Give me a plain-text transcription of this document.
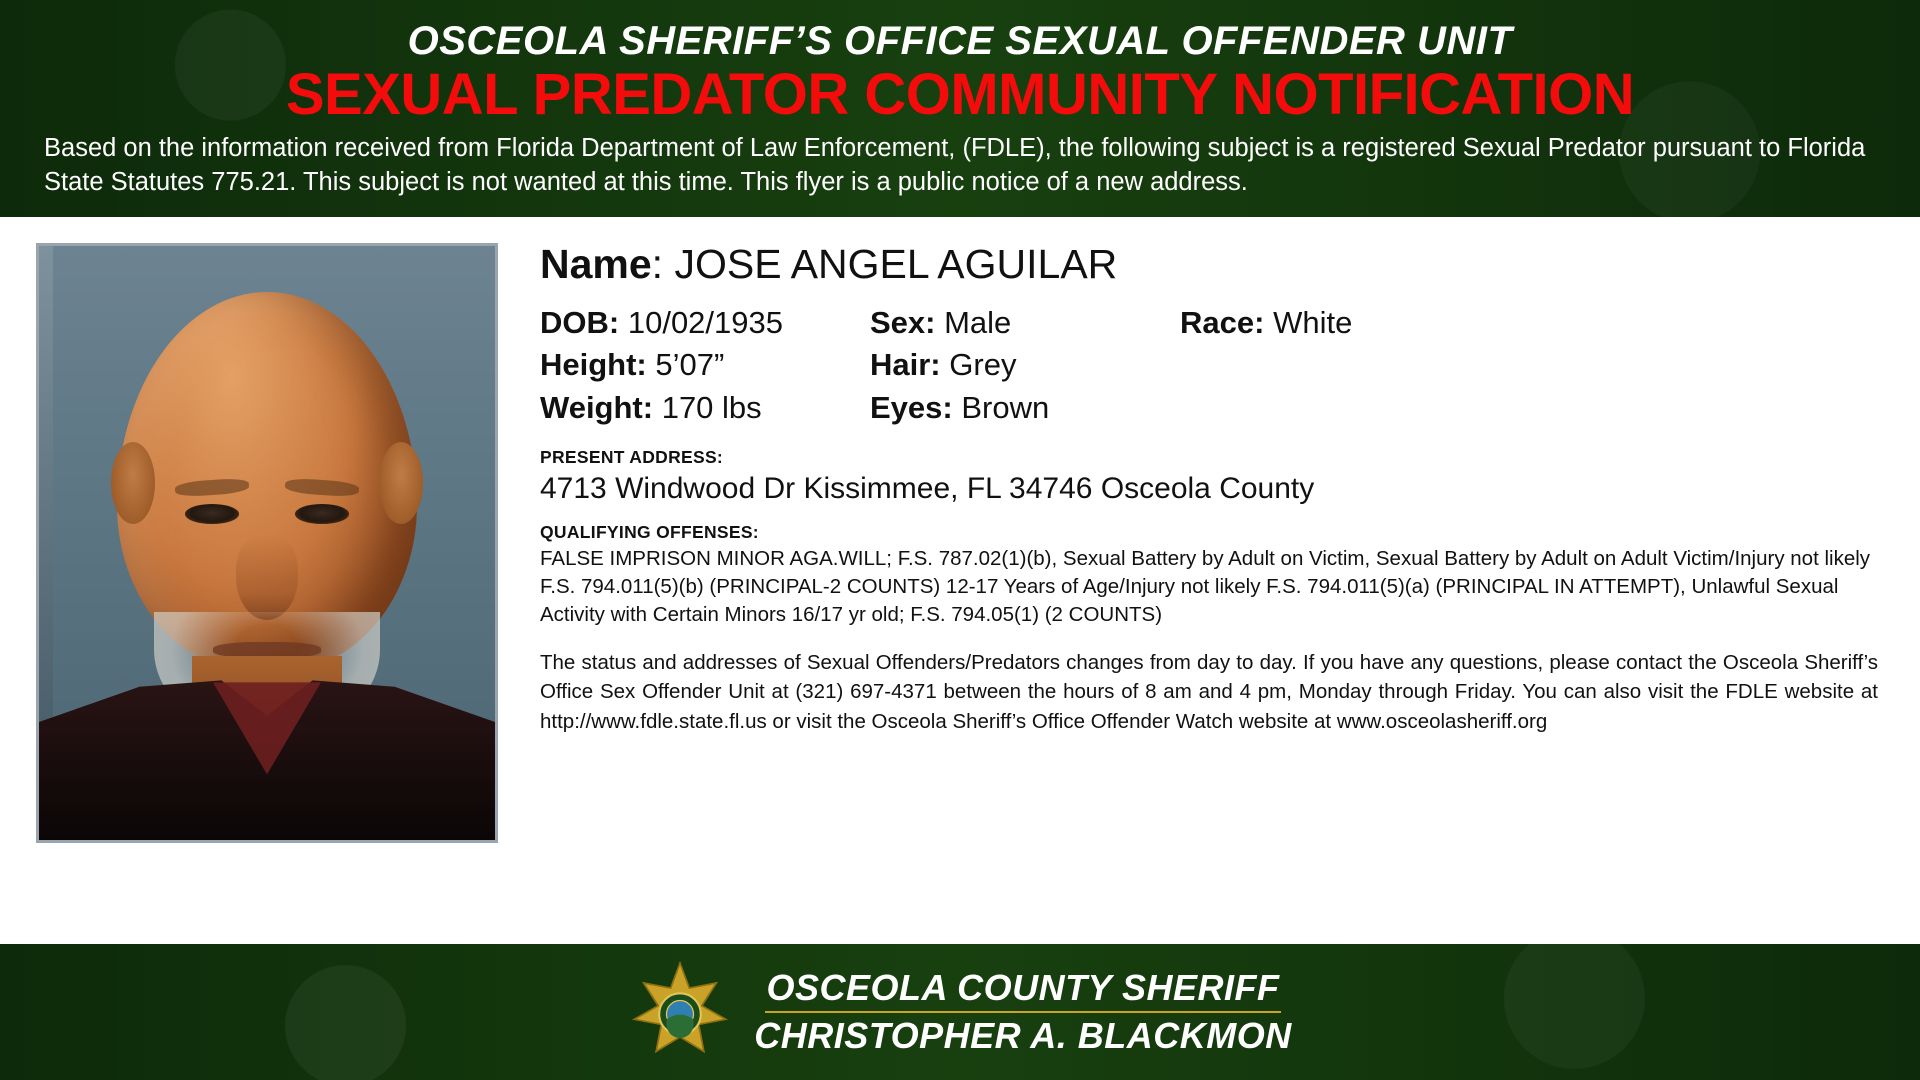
OSCEOLA SHERIFF’S OFFICE SEXUAL OFFENDER UNIT
SEXUAL PREDATOR COMMUNITY NOTIFICATION

Based on the information received from Florida Department of Law Enforcement, (FDLE), the following subject is a registered Sexual Predator pursuant to Florida State Statutes 775.21. This subject is not wanted at this time. This flyer is a public notice of a new address.

Name: JOSE ANGEL AGUILAR
DOB: 10/02/1935	Sex: Male	Race: White
Height: 5’07”	Hair: Grey
Weight: 170 lbs	Eyes: Brown
PRESENT ADDRESS:
4713 Windwood Dr Kissimmee, FL 34746 Osceola County
QUALIFYING OFFENSES:
FALSE IMPRISON MINOR AGA.WILL; F.S. 787.02(1)(b), Sexual Battery by Adult on Victim, Sexual Battery by Adult on Adult Victim/Injury not likely F.S. 794.011(5)(b) (PRINCIPAL-2 COUNTS) 12-17 Years of Age/Injury not likely F.S. 794.011(5)(a) (PRINCIPAL IN ATTEMPT), Unlawful Sexual Activity with Certain Minors 16/17 yr old; F.S. 794.05(1) (2 COUNTS)
The status and addresses of Sexual Offenders/Predators changes from day to day. If you have any questions, please contact the Osceola Sheriff’s Office Sex Offender Unit at (321) 697-4371 between the hours of 8 am and 4 pm, Monday through Friday. You can also visit the FDLE website at http://www.fdle.state.fl.us or visit the Osceola Sheriff’s Office Offender Watch website at www.osceolasheriff.org
OSCEOLA COUNTY SHERIFF
CHRISTOPHER A. BLACKMON
